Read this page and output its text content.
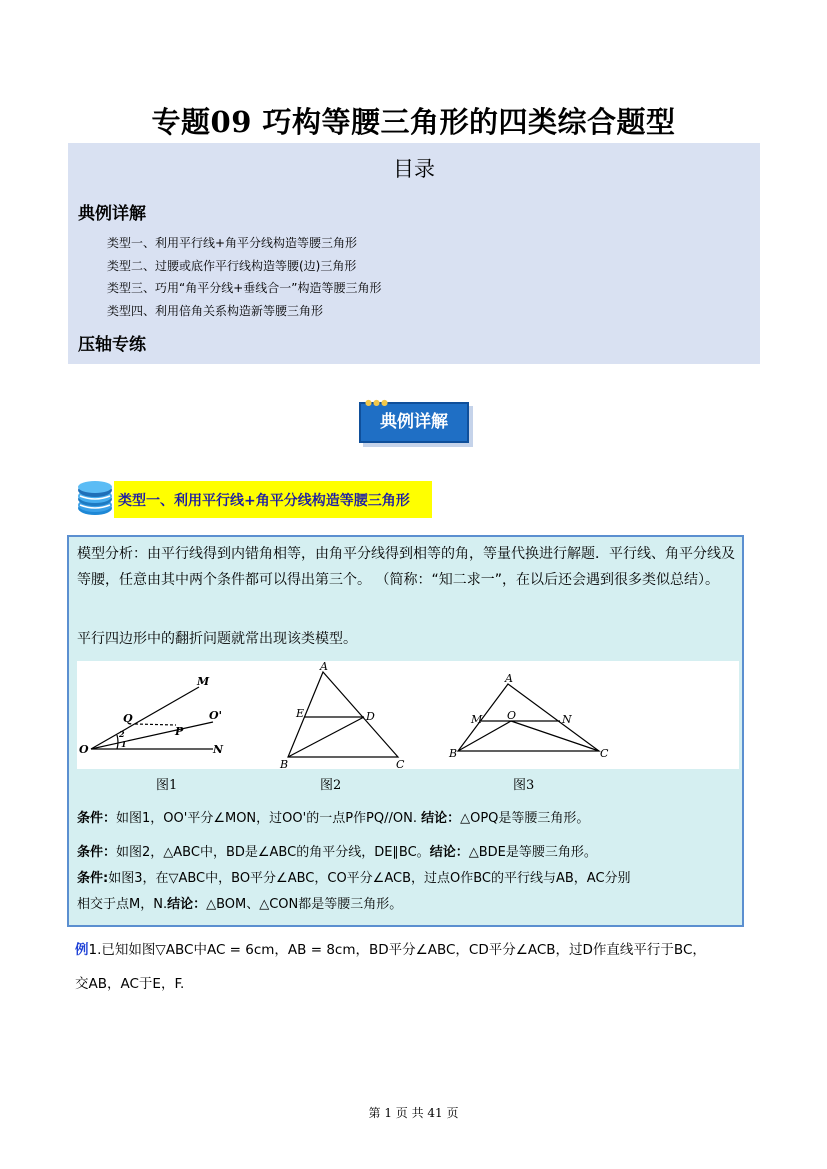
专题09 巧构等腰三角形的四类综合题型
目录
典例详解
类型一、利用平行线+角平分线构造等腰三角形
类型二、过腰或底作平行线构造等腰(边)三角形
类型三、巧用“角平分线+垂线合一”构造等腰三角形
类型四、利用倍角关系构造新等腰三角形
压轴专练
●●●
典例详解
类型一、利用平行线+角平分线构造等腰三角形
模型分析：由平行线得到内错角相等，由角平分线得到相等的角，等量代换进行解题．平行线、角平分线及等腰，任意由其中两个条件都可以得出第三个。 （简称：“知二求一”，在以后还会遇到很多类似总结）。
平行四边形中的翻折问题就常出现该类模型。
M
Q	O'
P
O	N
2
1
A
E	D
B	C
A
M O	N
B	C
图1	图2	图3
条件：如图1，OO'平分∠MON，过OO'的一点P作PQ//ON. 结论：△OPQ是等腰三角形。
条件：如图2，△ABC中，BD是∠ABC的角平分线，DE∥BC。结论：△BDE是等腰三角形。
条件:如图3，在▽ABC中，BO平分∠ABC，CO平分∠ACB，过点O作BC的平行线与AB，AC分别
相交于点M，N.结论：△BOM、△CON都是等腰三角形。
例1.已知如图▽ABC中AC = 6cm，AB = 8cm，BD平分∠ABC，CD平分∠ACB，过D作直线平行于BC，
交AB，AC于E，F.
第 1 页 共 41 页
